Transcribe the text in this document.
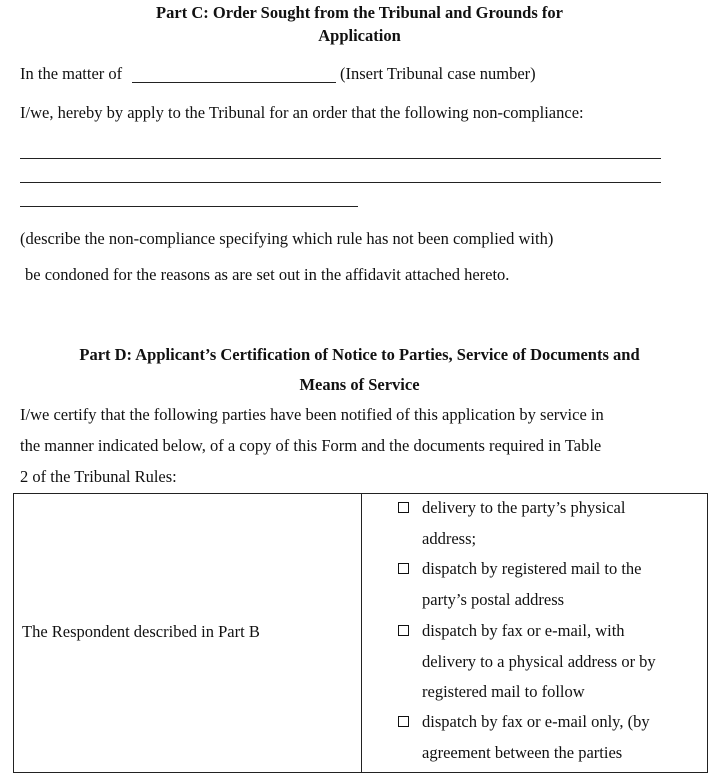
Part C: Order Sought from the Tribunal and Grounds for
Application
In the matter of	(Insert Tribunal case number)
I/we, hereby by apply to the Tribunal for an order that the following non-compliance:
(describe the non-compliance specifying which rule has not been complied with)
be condoned for the reasons as are set out in the affidavit attached hereto.
Part D: Applicant’s Certification of Notice to Parties, Service of Documents and
Means of Service
I/we certify that the following parties have been notified of this application by service in
the manner indicated below, of a copy of this Form and the documents required in Table
2 of the Tribunal Rules:
The Respondent described in Part B
delivery to the party’s physical
address;
dispatch by registered mail to the
party’s postal address
dispatch by fax or e-mail, with
delivery to a physical address or by
registered mail to follow
dispatch by fax or e-mail only, (by
agreement between the parties
